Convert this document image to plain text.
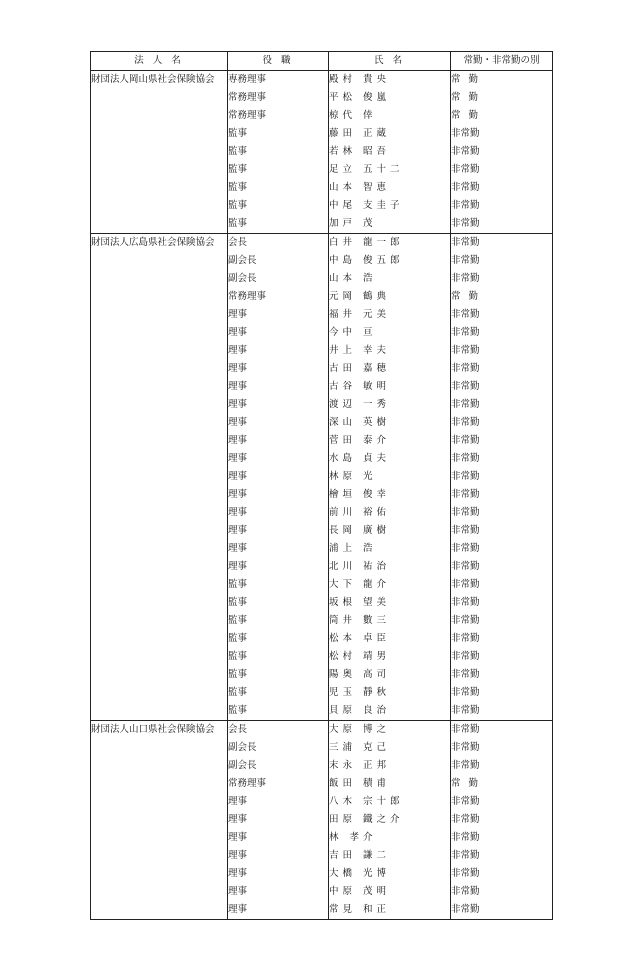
法 人 名	役 職	氏 名	常勤・非常勤の別
財団法人岡山県社会保険協会	専務理事	殿村 貴央	常勤
	常務理事	平松 俊嵐	常勤
	常務理事	椋代 倖	常勤
	監事	藤田 正蔵	非常勤
	監事	若林 昭吾	非常勤
	監事	足立 五十二	非常勤
	監事	山本 智恵	非常勤
	監事	中尾 支圭子	非常勤
	監事	加戸 茂	非常勤
財団法人広島県社会保険協会	会長	白井 龍一郎	非常勤
	副会長	中島 俊五郎	非常勤
	副会長	山本 浩	非常勤
	常務理事	元岡 鶴典	常勤
	理事	福井 元美	非常勤
	理事	今中 亘	非常勤
	理事	井上 幸夫	非常勤
	理事	古田 嘉穂	非常勤
	理事	古谷 敏明	非常勤
	理事	渡辺 一秀	非常勤
	理事	深山 英樹	非常勤
	理事	菅田 泰介	非常勤
	理事	水島 貞夫	非常勤
	理事	林原 光	非常勤
	理事	檜垣 俊幸	非常勤
	理事	前川 裕佑	非常勤
	理事	長岡 廣樹	非常勤
	理事	浦上 浩	非常勤
	理事	北川 祐治	非常勤
	監事	大下 龍介	非常勤
	監事	坂根 望美	非常勤
	監事	筒井 數三	非常勤
	監事	松本 卓臣	非常勤
	監事	松村 靖男	非常勤
	監事	陽奥 高司	非常勤
	監事	児玉 靜秋	非常勤
	監事	貝原 良治	非常勤
財団法人山口県社会保険協会	会長	大原 博之	非常勤
	副会長	三浦 克己	非常勤
	副会長	末永 正邦	非常勤
	常務理事	飯田 積甫	常勤
	理事	八木 宗十郎	非常勤
	理事	田原 鐵之介	非常勤
	理事	林 孝介	非常勤
	理事	吉田 謙二	非常勤
	理事	大橋 光博	非常勤
	理事	中原 茂明	非常勤
	理事	常見 和正	非常勤
